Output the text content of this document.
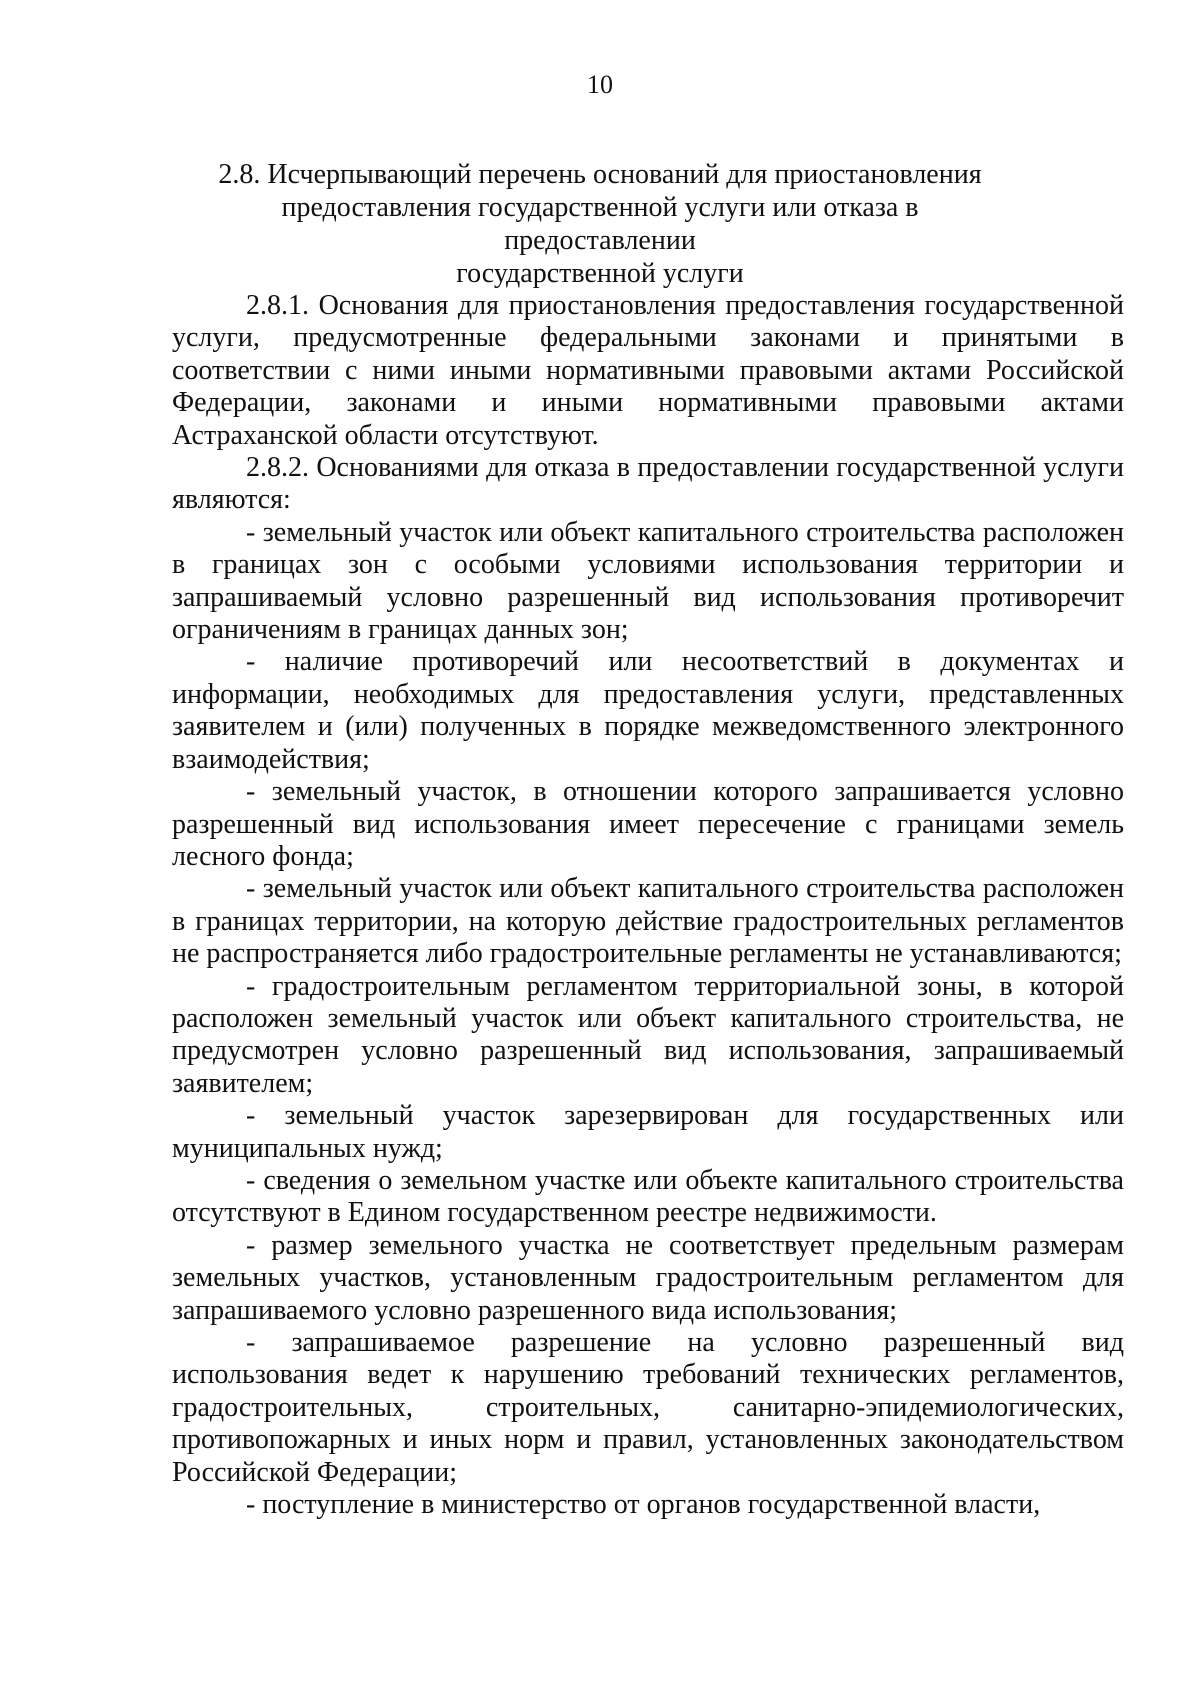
10
2.8. Исчерпывающий перечень оснований для приостановления
предоставления государственной услуги или отказа в предоставлении
государственной услуги

2.8.1. Основания для приостановления предоставления государственной услуги, предусмотренные федеральными законами и принятыми в соответствии с ними иными нормативными правовыми актами Российской Федерации, законами и иными нормативными правовыми актами Астраханской области отсутствуют.

2.8.2. Основаниями для отказа в предоставлении государственной услуги являются:

- земельный участок или объект капитального строительства расположен в границах зон с особыми условиями использования территории и запрашиваемый условно разрешенный вид использования противоречит ограничениям в границах данных зон;

- наличие противоречий или несоответствий в документах и информации, необходимых для предоставления услуги, представленных заявителем и (или) полученных в порядке межведомственного электронного взаимодействия;

- земельный участок, в отношении которого запрашивается условно разрешенный вид использования имеет пересечение с границами земель лесного фонда;

- земельный участок или объект капитального строительства расположен в границах территории, на которую действие градостроительных регламентов не распространяется либо градостроительные регламенты не устанавливаются;

- градостроительным регламентом территориальной зоны, в которой расположен земельный участок или объект капитального строительства, не предусмотрен условно разрешенный вид использования, запрашиваемый заявителем;

- земельный участок зарезервирован для государственных или муниципальных нужд;

- сведения о земельном участке или объекте капитального строительства отсутствуют в Едином государственном реестре недвижимости.

- размер земельного участка не соответствует предельным размерам земельных участков, установленным градостроительным регламентом для запрашиваемого условно разрешенного вида использования;

- запрашиваемое разрешение на условно разрешенный вид использования ведет к нарушению требований технических регламентов, градостроительных, строительных, санитарно-эпидемиологических, противопожарных и иных норм и правил, установленных законодательством Российской Федерации;

- поступление в министерство от органов государственной власти,
